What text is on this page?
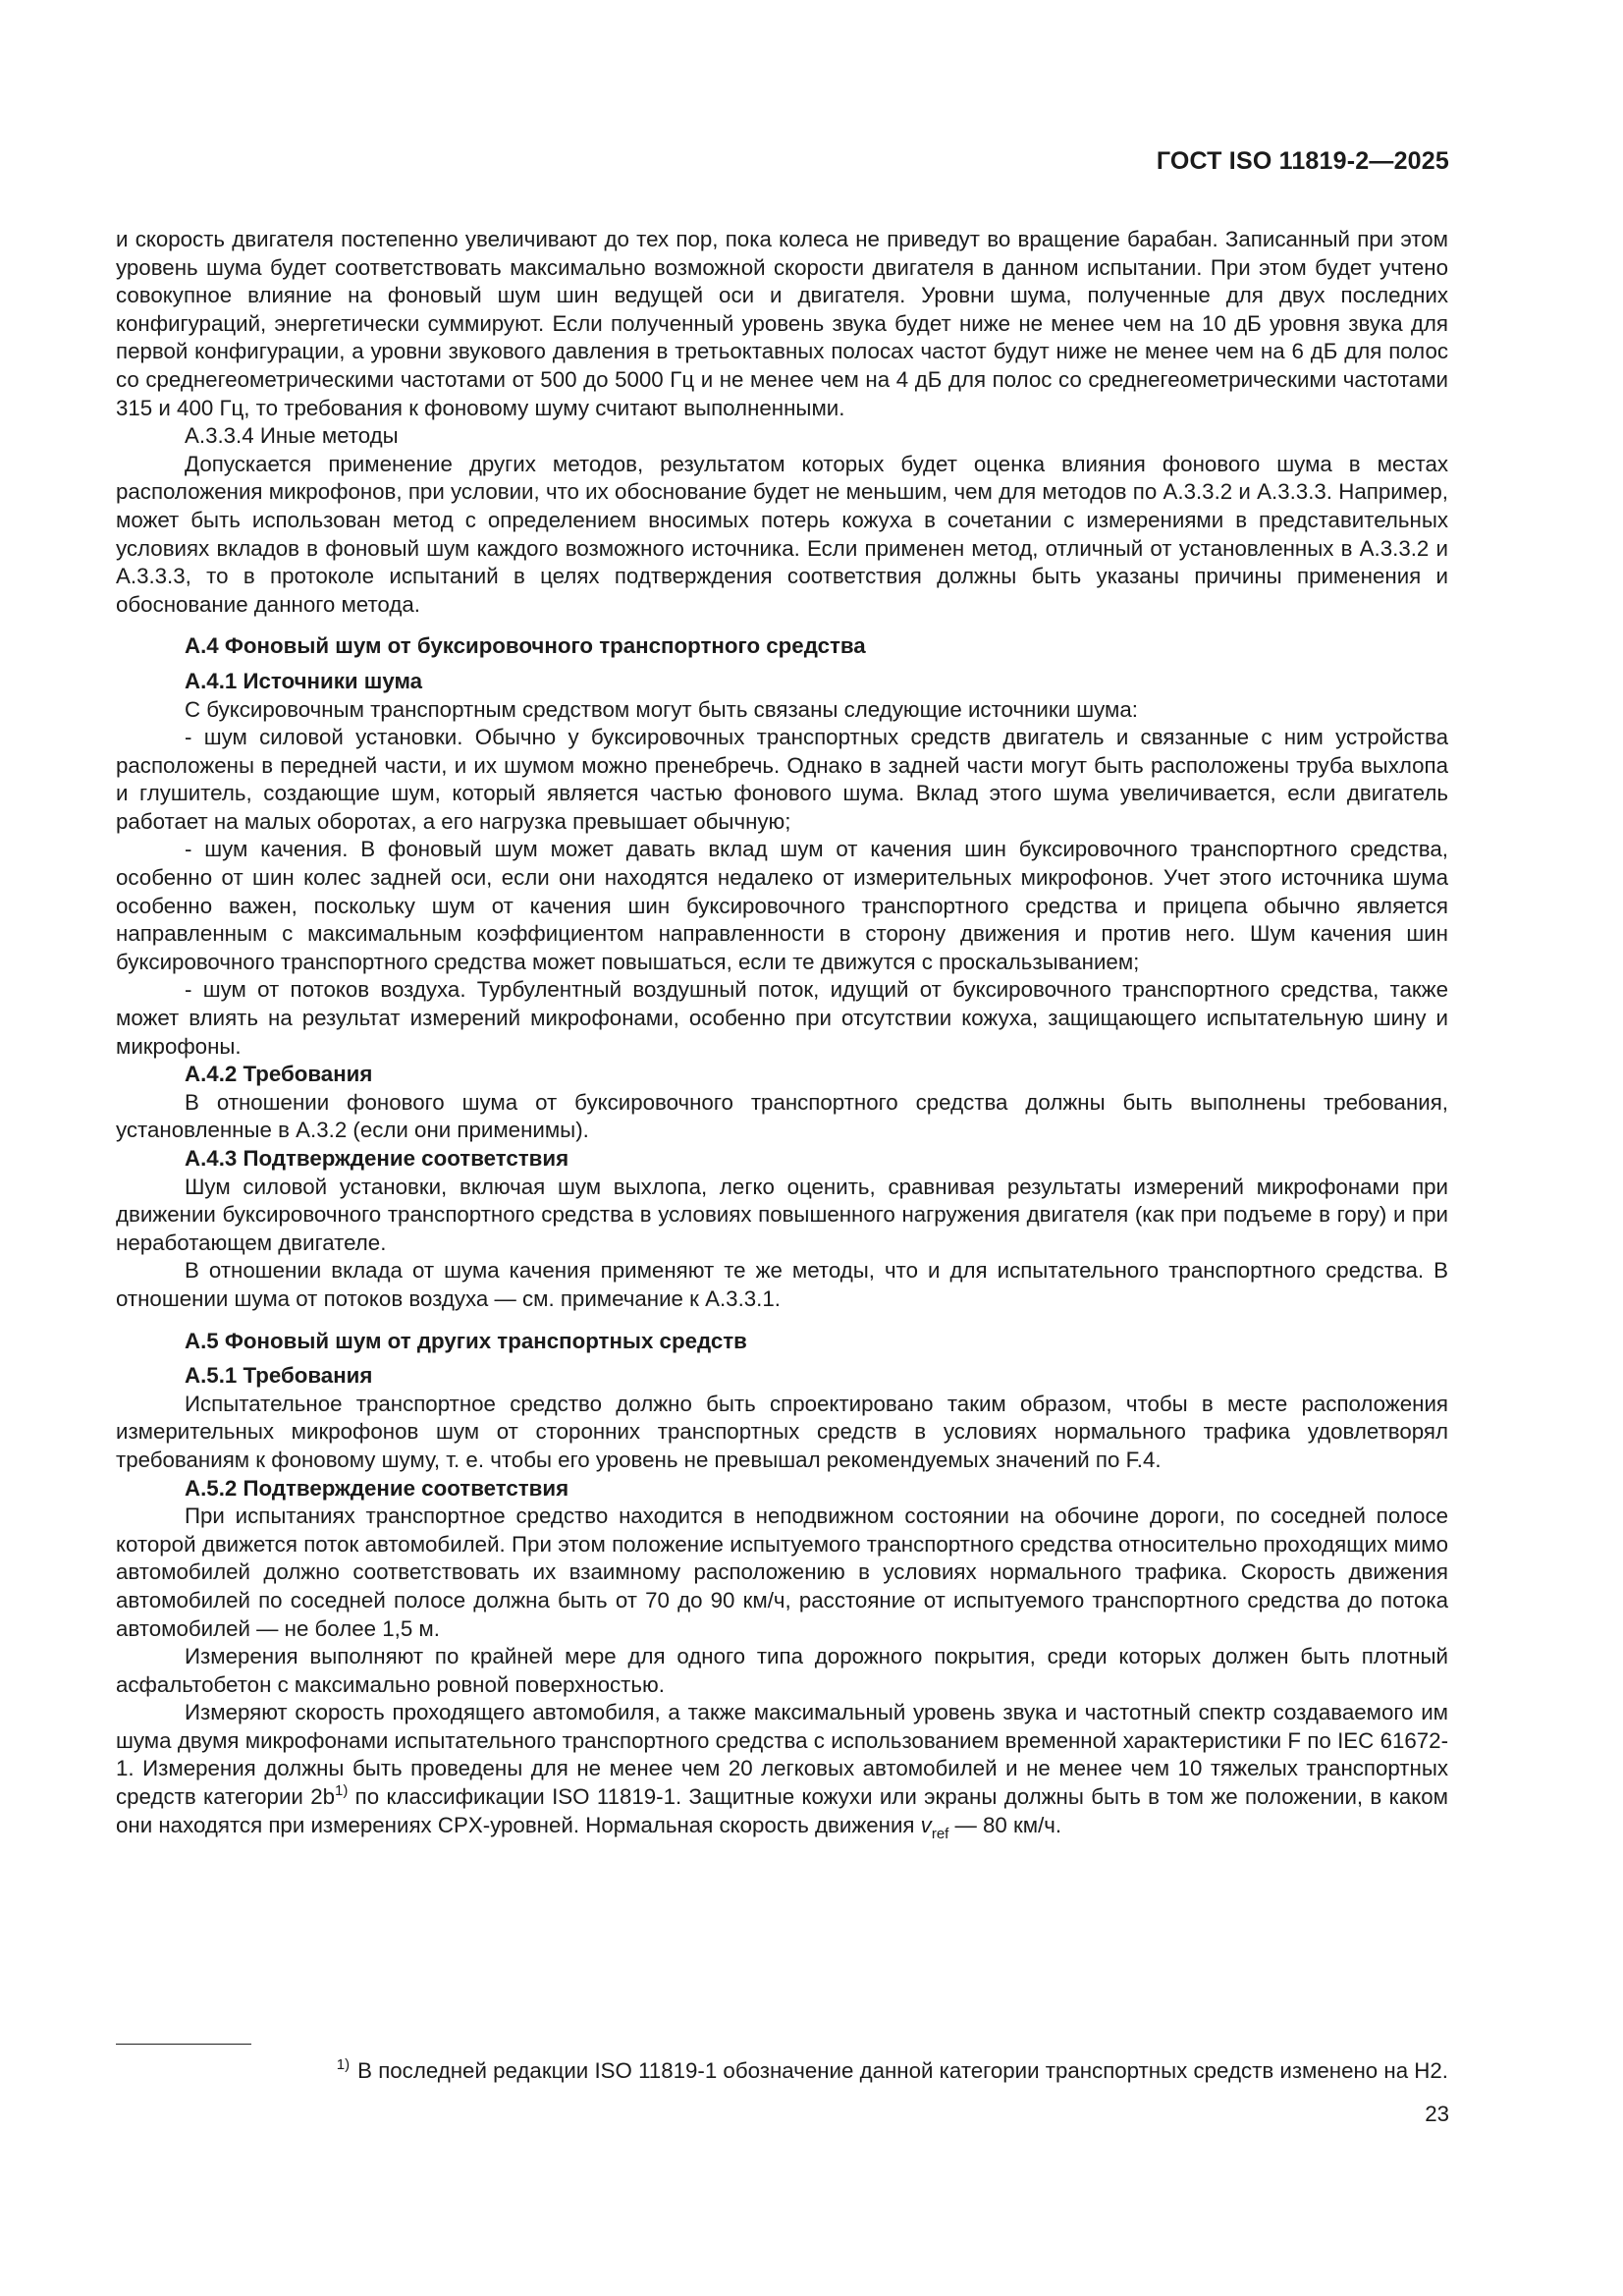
ГОСТ ISO 11819-2—2025

и скорость двигателя постепенно увеличивают до тех пор, пока колеса не приведут во вращение барабан. Записанный при этом уровень шума будет соответствовать максимально возможной скорости двигателя в данном испытании. При этом будет учтено совокупное влияние на фоновый шум шин ведущей оси и двигателя. Уровни шума, полученные для двух последних конфигураций, энергетически суммируют. Если полученный уровень звука будет ниже не менее чем на 10 дБ уровня звука для первой конфигурации, а уровни звукового давления в третьоктавных полосах частот будут ниже не менее чем на 6 дБ для полос со среднегеометрическими частотами от 500 до 5000 Гц и не менее чем на 4 дБ для полос со среднегеометрическими частотами 315 и 400 Гц, то требования к фоновому шуму считают выполненными.

А.3.3.4 Иные методы

Допускается применение других методов, результатом которых будет оценка влияния фонового шума в местах расположения микрофонов, при условии, что их обоснование будет не меньшим, чем для методов по А.3.3.2 и А.3.3.3. Например, может быть использован метод с определением вносимых потерь кожуха в сочетании с измерениями в представительных условиях вкладов в фоновый шум каждого возможного источника. Если применен метод, отличный от установленных в А.3.3.2 и А.3.3.3, то в протоколе испытаний в целях подтверждения соответствия должны быть указаны причины применения и обоснование данного метода.

А.4 Фоновый шум от буксировочного транспортного средства
А.4.1 Источники шума

С буксировочным транспортным средством могут быть связаны следующие источники шума:

- шум силовой установки. Обычно у буксировочных транспортных средств двигатель и связанные с ним устройства расположены в передней части, и их шумом можно пренебречь. Однако в задней части могут быть расположены труба выхлопа и глушитель, создающие шум, который является частью фонового шума. Вклад этого шума увеличивается, если двигатель работает на малых оборотах, а его нагрузка превышает обычную;

- шум качения. В фоновый шум может давать вклад шум от качения шин буксировочного транспортного средства, особенно от шин колес задней оси, если они находятся недалеко от измерительных микрофонов. Учет этого источника шума особенно важен, поскольку шум от качения шин буксировочного транспортного средства и прицепа обычно является направленным с максимальным коэффициентом направленности в сторону движения и против него. Шум качения шин буксировочного транспортного средства может повышаться, если те движутся с проскальзыванием;

- шум от потоков воздуха. Турбулентный воздушный поток, идущий от буксировочного транспортного средства, также может влиять на результат измерений микрофонами, особенно при отсутствии кожуха, защищающего испытательную шину и микрофоны.

А.4.2 Требования

В отношении фонового шума от буксировочного транспортного средства должны быть выполнены требования, установленные в А.3.2 (если они применимы).

А.4.3 Подтверждение соответствия

Шум силовой установки, включая шум выхлопа, легко оценить, сравнивая результаты измерений микрофонами при движении буксировочного транспортного средства в условиях повышенного нагружения двигателя (как при подъеме в гору) и при неработающем двигателе.

В отношении вклада от шума качения применяют те же методы, что и для испытательного транспортного средства. В отношении шума от потоков воздуха — см. примечание к А.3.3.1.

А.5 Фоновый шум от других транспортных средств
А.5.1 Требования

Испытательное транспортное средство должно быть спроектировано таким образом, чтобы в месте расположения измерительных микрофонов шум от сторонних транспортных средств в условиях нормального трафика удовлетворял требованиям к фоновому шуму, т. е. чтобы его уровень не превышал рекомендуемых значений по F.4.

А.5.2 Подтверждение соответствия

При испытаниях транспортное средство находится в неподвижном состоянии на обочине дороги, по соседней полосе которой движется поток автомобилей. При этом положение испытуемого транспортного средства относительно проходящих мимо автомобилей должно соответствовать их взаимному расположению в условиях нормального трафика. Скорость движения автомобилей по соседней полосе должна быть от 70 до 90 км/ч, расстояние от испытуемого транспортного средства до потока автомобилей — не более 1,5 м.

Измерения выполняют по крайней мере для одного типа дорожного покрытия, среди которых должен быть плотный асфальтобетон с максимально ровной поверхностью.

Измеряют скорость проходящего автомобиля, а также максимальный уровень звука и частотный спектр создаваемого им шума двумя микрофонами испытательного транспортного средства с использованием временной характеристики F по IEC 61672-1. Измерения должны быть проведены для не менее чем 20 легковых автомобилей и не менее чем 10 тяжелых транспортных средств категории $2b^{1)}$ по классификации ISO 11819-1. Защитные кожухи или экраны должны быть в том же положении, в каком они находятся при измерениях CPX-уровней. Нормальная скорость движения $v_{ref}$ — 80 км/ч.

$^{1)}$ В последней редакции ISO 11819-1 обозначение данной категории транспортных средств изменено на Н2.
23
